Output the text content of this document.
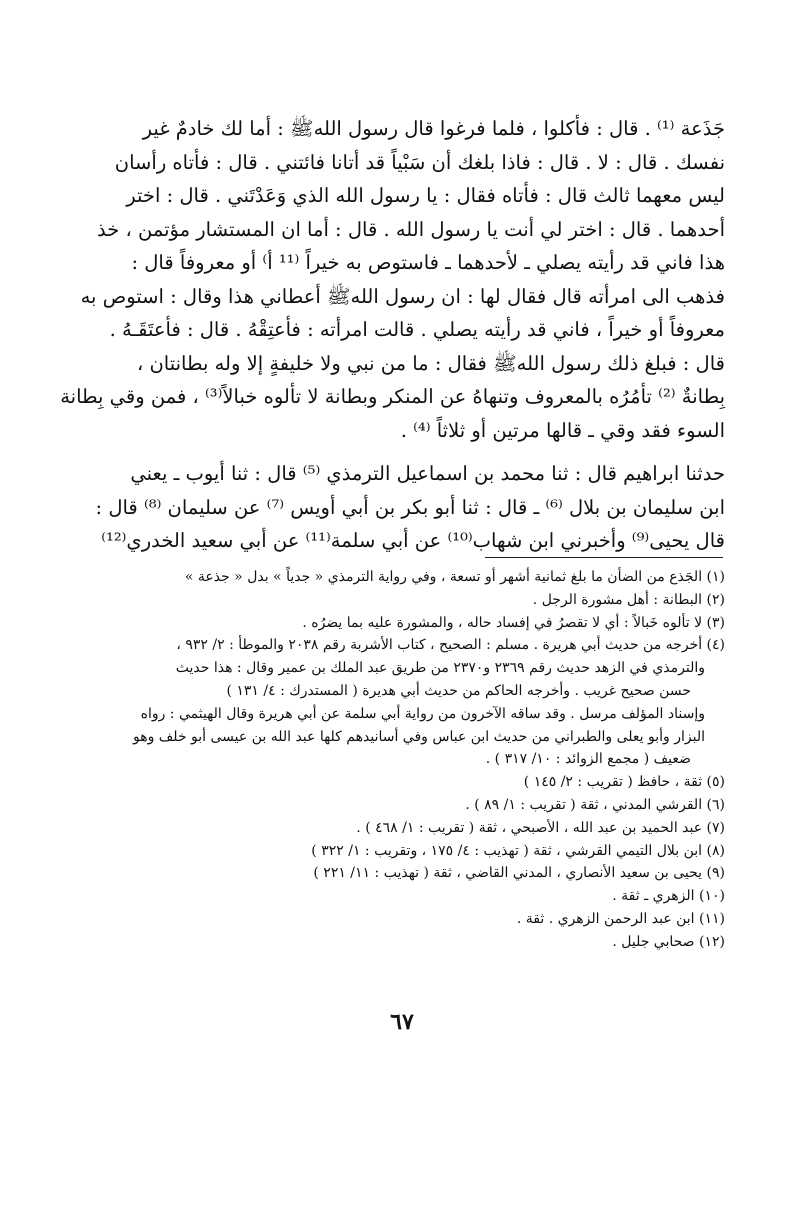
جَذَعة ⁽¹⁾ . قال : فأكلوا ، فلما فرغوا قال رسول اللهﷺ : أما لك خادمٌ غير
نفسك . قال : لا . قال : فاذا بلغك أن سَبْياً قد أتانا فائتني . قال : فأتاه رأسان
ليس معهما ثالث قال : فأتاه فقال : يا رسول الله الذي وَعَدْتَني . قال : اختر
أحدهما . قال : اختر لي أنت يا رسول الله . قال : أما ان المستشار مؤتمن ، خذ
هذا فاني قد رأيته يصلي ـ لأحدهما ـ فاستوص به خيراً ⁽¹¹ أ⁾ أو معروفاً قال :
فذهب الى امرأته قال فقال لها : ان رسول اللهﷺ أعطاني هذا وقال : استوص به
معروفاً أو خيراً ، فاني قد رأيته يصلي . قالت امرأته : فأعتِقْهُ . قال : فأعتَقَـهُ .
قال : فبلغ ذلك رسول اللهﷺ فقال : ما من نبي ولا خليفةٍ إلا وله بطانتان ،
بِطانةٌ ⁽²⁾ تأمُرُه بالمعروف وتنهاهُ عن المنكر وبطانة لا تألوه خبالاً⁽³⁾ ، فمن وقي بِطانة
السوء فقد وقي ـ قالها مرتين أو ثلاثاً ⁽⁴⁾ .
حدثنا ابراهيم قال : ثنا محمد بن اسماعيل الترمذي ⁽⁵⁾ قال : ثنا أيوب ـ يعني
ابن سليمان بن بلال ⁽⁶⁾ ـ قال : ثنا أبو بكر بن أبي أويس ⁽⁷⁾ عن سليمان ⁽⁸⁾ قال :
قال يحيى⁽⁹⁾ وأخبرني ابن شهاب⁽¹⁰⁾ عن أبي سلمة⁽¹¹⁾ عن أبي سعيد الخدري⁽¹²⁾
(١) الجَذع من الضأن ما بلغ ثمانية أشهر أو تسعة ، وفي رواية الترمذي « جدياً » بدل « جذعة »
(٢) البطانة : أهل مشورة الرجل .
(٣) لا تألوه خَبالاً : أي لا تقصرُ في إفساد حاله ، والمشورة عليه بما يضرُه .
(٤) أخرجه من حديث أبي هريرة . مسلم : الصحيح ، كتاب الأشربة رقم ٢٠٣٨ والموطأ : ٢/ ٩٣٢ ،
والترمذي في الزهد حديث رقم ٢٣٦٩ و٢٣٧٠ من طريق عبد الملك بن عمير وقال : هذا حديث
حسن صحيح غريب . وأخرجه الحاكم من حديث أبي هديرة ( المستدرك : ٤/ ١٣١ )
وإسناد المؤلف مرسل . وقد ساقه الآخرون من رواية أبي سلمة عن أبي هريرة وقال الهيثمي : رواه
البزار وأبو يعلى والطبراني من حديث ابن عباس وفي أسانيدهم كلها عبد الله بن عيسى أبو خلف وهو
ضعيف ( مجمع الزوائد : ١٠/ ٣١٧ ) .
(٥) ثقة ، حافظ ( تقريب : ٢/ ١٤٥ )
(٦) القرشي المدني ، ثقة ( تقريب : ١/ ٨٩ ) .
(٧) عبد الحميد بن عبد الله ، الأصبحي ، ثقة ( تقريب : ١/ ٤٦٨ ) .
(٨) ابن بلال التيمي القرشي ، ثقة ( تهذيب : ٤/ ١٧٥ ، وتقريب : ١/ ٣٢٢ )
(٩) يحيى بن سعيد الأنصاري ، المدني القاضي ، ثقة ( تهذيب : ١١/ ٢٢١ )
(١٠) الزهري ـ ثقة .
(١١) ابن عبد الرحمن الزهري . ثقة .
(١٢) صحابي جليل .
٦٧
